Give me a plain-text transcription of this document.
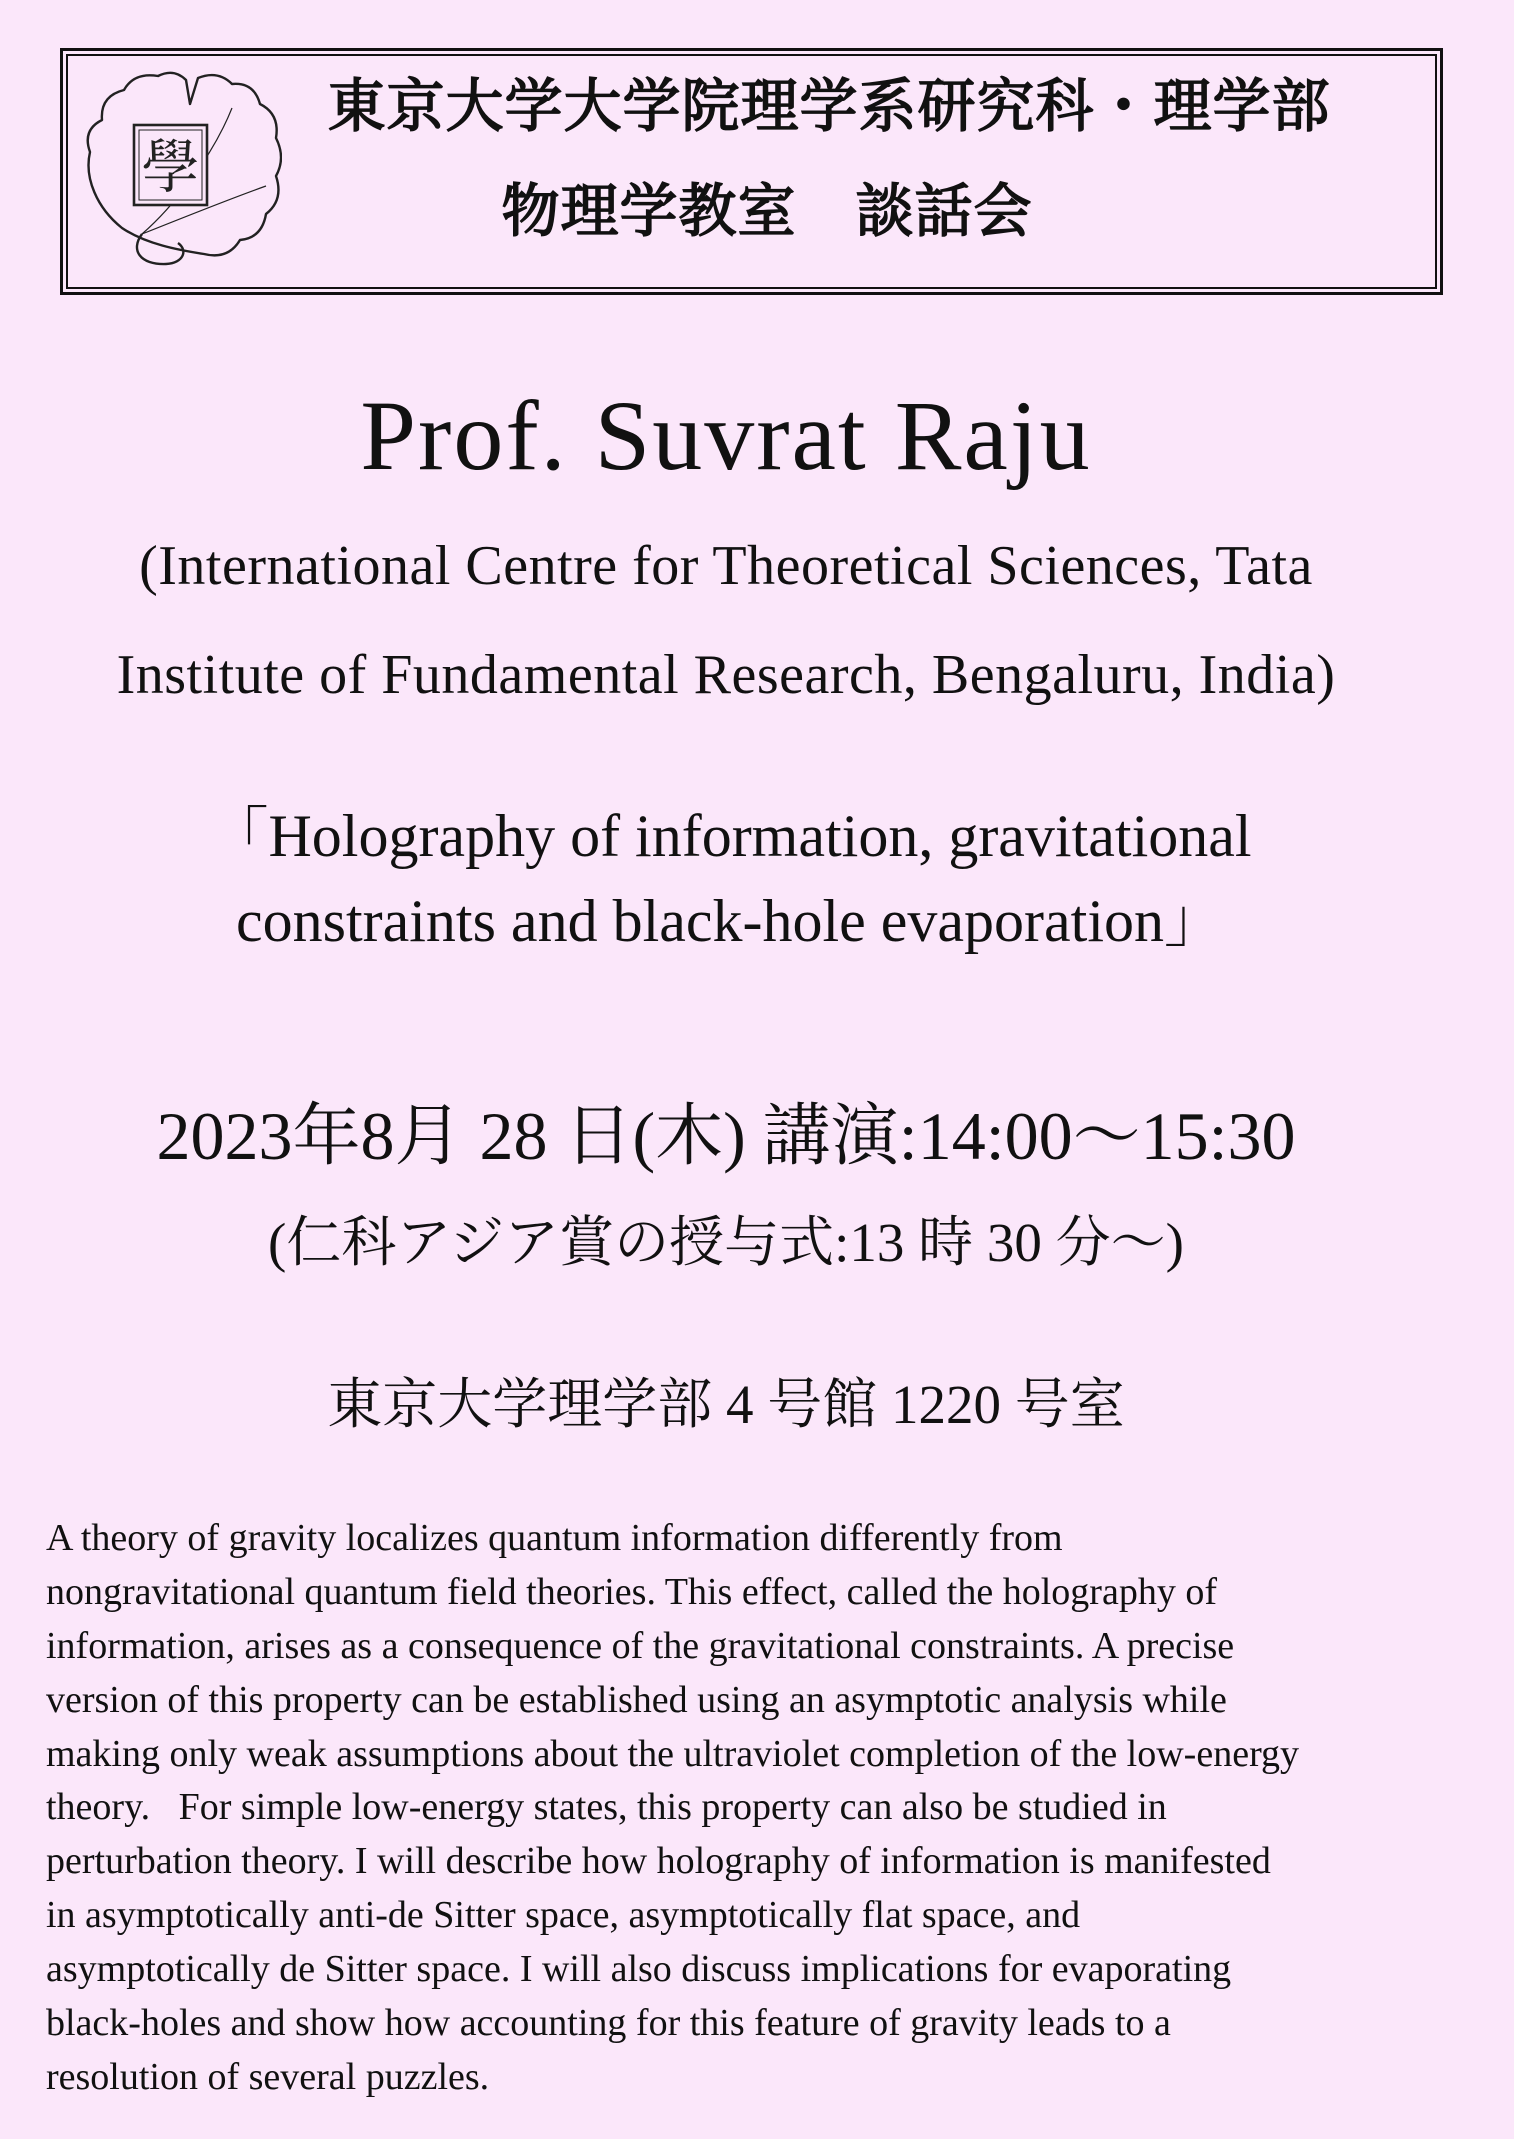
學
東京大学大学院理学系研究科・理学部
物理学教室　談話会
Prof. Suvrat Raju
(International Centre for Theoretical Sciences, Tata
Institute of Fundamental Research, Bengaluru, India)
「Holography of information, gravitational
constraints and black-hole evaporation」
2023年8月 28 日(木) 講演:14:00～15:30
(仁科アジア賞の授与式:13 時 30 分～)
東京大学理学部 4 号館 1220 号室
A theory of gravity localizes quantum information differently from
nongravitational quantum field theories. This effect, called the holography of
information, arises as a consequence of the gravitational constraints. A precise
version of this property can be established using an asymptotic analysis while
making only weak assumptions about the ultraviolet completion of the low-energy
theory.   For simple low-energy states, this property can also be studied in
perturbation theory. I will describe how holography of information is manifested
in asymptotically anti-de Sitter space, asymptotically flat space, and
asymptotically de Sitter space. I will also discuss implications for evaporating
black-holes and show how accounting for this feature of gravity leads to a
resolution of several puzzles.
